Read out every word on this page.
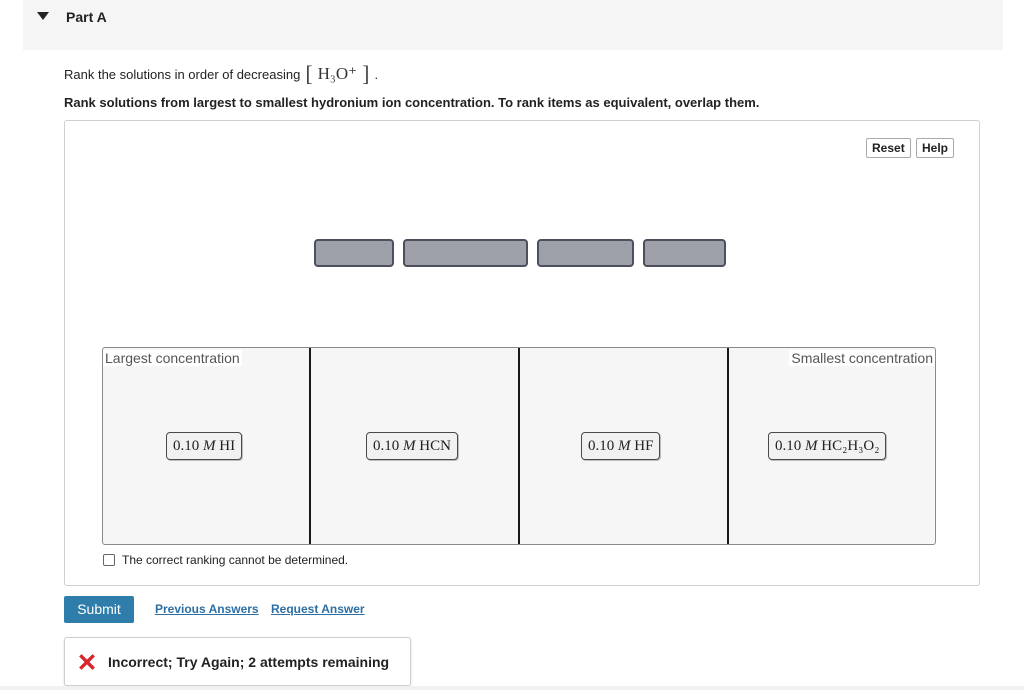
Part A
Rank the solutions in order of decreasing [ H₃O⁺ ] .
Rank solutions from largest to smallest hydronium ion concentration. To rank items as equivalent, overlap them.
Reset	Help
Largest concentration	Smallest concentration
0.10 M HI	0.10 M HCN	0.10 M HF	0.10 M HC₂H₃O₂
The correct ranking cannot be determined.
Submit	Previous Answers Request Answer
Incorrect; Try Again; 2 attempts remaining
